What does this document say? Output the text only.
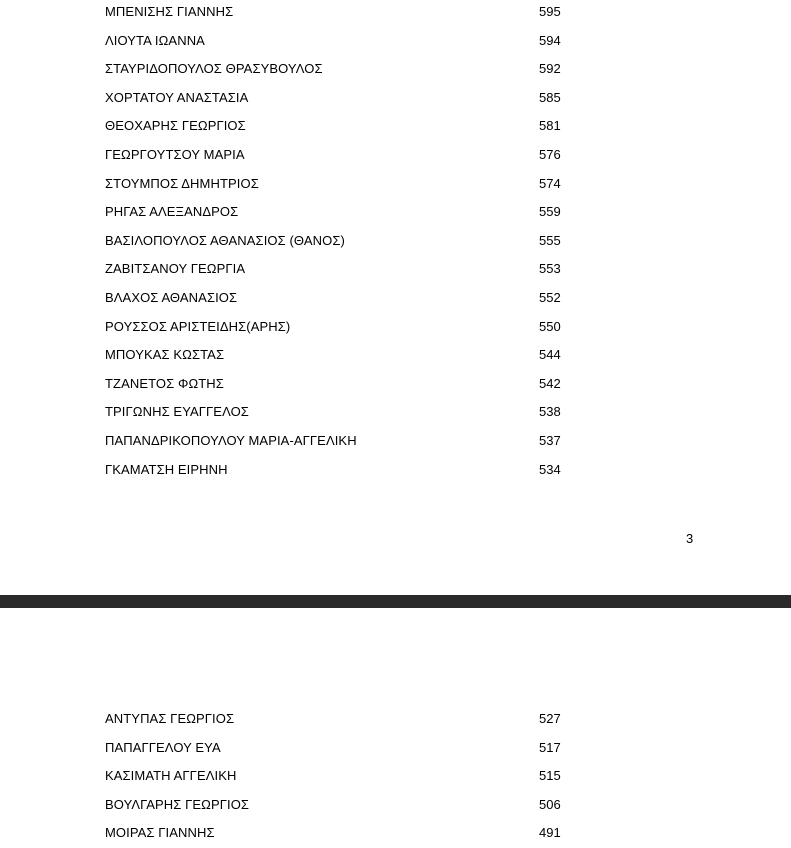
ΜΠΕΝΙΣΗΣ ΓΙΑΝΝΗΣ	595
ΛΙΟΥΤΑ ΙΩΑΝΝΑ	594
ΣΤΑΥΡΙΔΟΠΟΥΛΟΣ ΘΡΑΣΥΒΟΥΛΟΣ	592
ΧΟΡΤΑΤΟΥ ΑΝΑΣΤΑΣΙΑ	585
ΘΕΟΧΑΡΗΣ ΓΕΩΡΓΙΟΣ	581
ΓΕΩΡΓΟΥΤΣΟΥ ΜΑΡΙΑ	576
ΣΤΟΥΜΠΟΣ ΔΗΜΗΤΡΙΟΣ	574
ΡΗΓΑΣ ΑΛΕΞΑΝΔΡΟΣ	559
ΒΑΣΙΛΟΠΟΥΛΟΣ ΑΘΑΝΑΣΙΟΣ (ΘΑΝΟΣ)	555
ΖΑΒΙΤΣΑΝΟΥ ΓΕΩΡΓΙΑ	553
ΒΛΑΧΟΣ ΑΘΑΝΑΣΙΟΣ	552
ΡΟΥΣΣΟΣ ΑΡΙΣΤΕΙΔΗΣ(ΑΡΗΣ)	550
ΜΠΟΥΚΑΣ ΚΩΣΤΑΣ	544
ΤΖΑΝΕΤΟΣ ΦΩΤΗΣ	542
ΤΡΙΓΩΝΗΣ ΕΥΑΓΓΕΛΟΣ	538
ΠΑΠΑΝΔΡΙΚΟΠΟΥΛΟΥ ΜΑΡΙΑ-ΑΓΓΕΛΙΚΗ	537
ΓΚΑΜΑΤΣΗ ΕΙΡΗΝΗ	534
3
ΑΝΤΥΠΑΣ ΓΕΩΡΓΙΟΣ	527
ΠΑΠΑΓΓΕΛΟΥ ΕΥΑ	517
ΚΑΣΙΜΑΤΗ ΑΓΓΕΛΙΚΗ	515
ΒΟΥΛΓΑΡΗΣ ΓΕΩΡΓΙΟΣ	506
ΜΟΙΡΑΣ ΓΙΑΝΝΗΣ	491
